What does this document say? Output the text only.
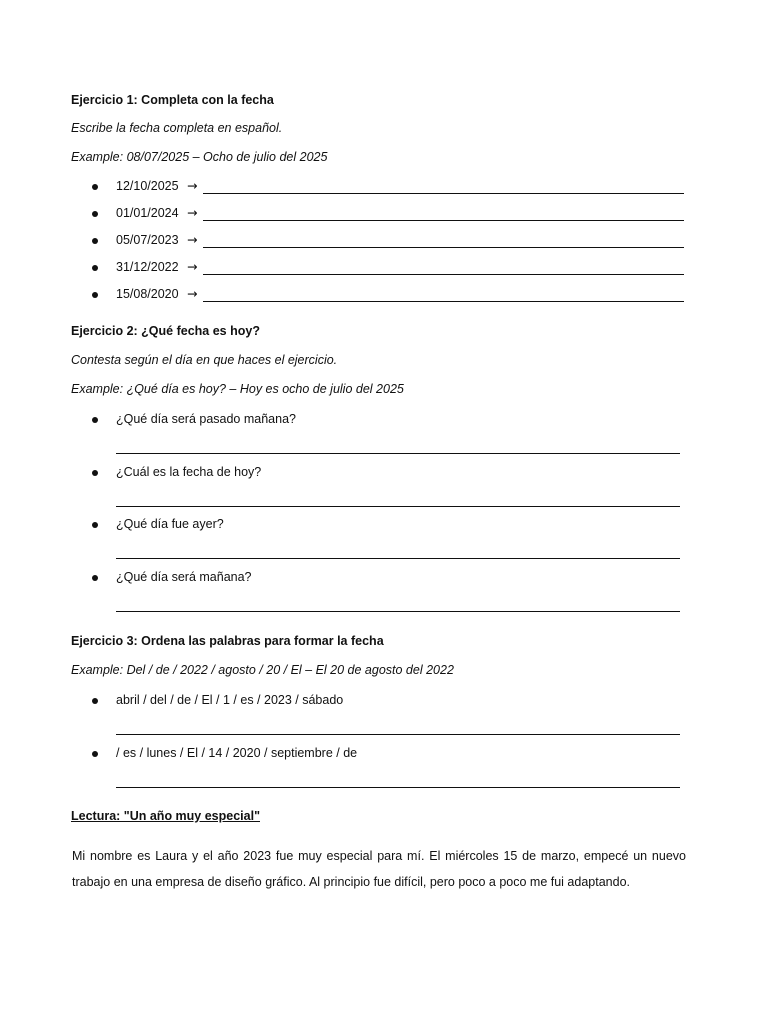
Ejercicio 1: Completa con la fecha
Escribe la fecha completa en español.
Example: 08/07/2025 – Ocho de julio del 2025
12/10/2025 →
01/01/2024 →
05/07/2023 →
31/12/2022 →
15/08/2020 →
Ejercicio 2: ¿Qué fecha es hoy?
Contesta según el día en que haces el ejercicio.
Example: ¿Qué día es hoy? – Hoy es ocho de julio del 2025
¿Qué día será pasado mañana?
¿Cuál es la fecha de hoy?
¿Qué día fue ayer?
¿Qué día será mañana?
Ejercicio 3: Ordena las palabras para formar la fecha
Example: Del / de / 2022 / agosto / 20 / El – El 20 de agosto del 2022
abril / del / de / El / 1 / es / 2023 / sábado
/ es / lunes / El / 14 / 2020 / septiembre / de
Lectura: "Un año muy especial"
Mi nombre es Laura y el año 2023 fue muy especial para mí. El miércoles 15 de marzo, empecé un nuevo trabajo en una empresa de diseño gráfico. Al principio fue difícil, pero poco a poco me fui adaptando.
